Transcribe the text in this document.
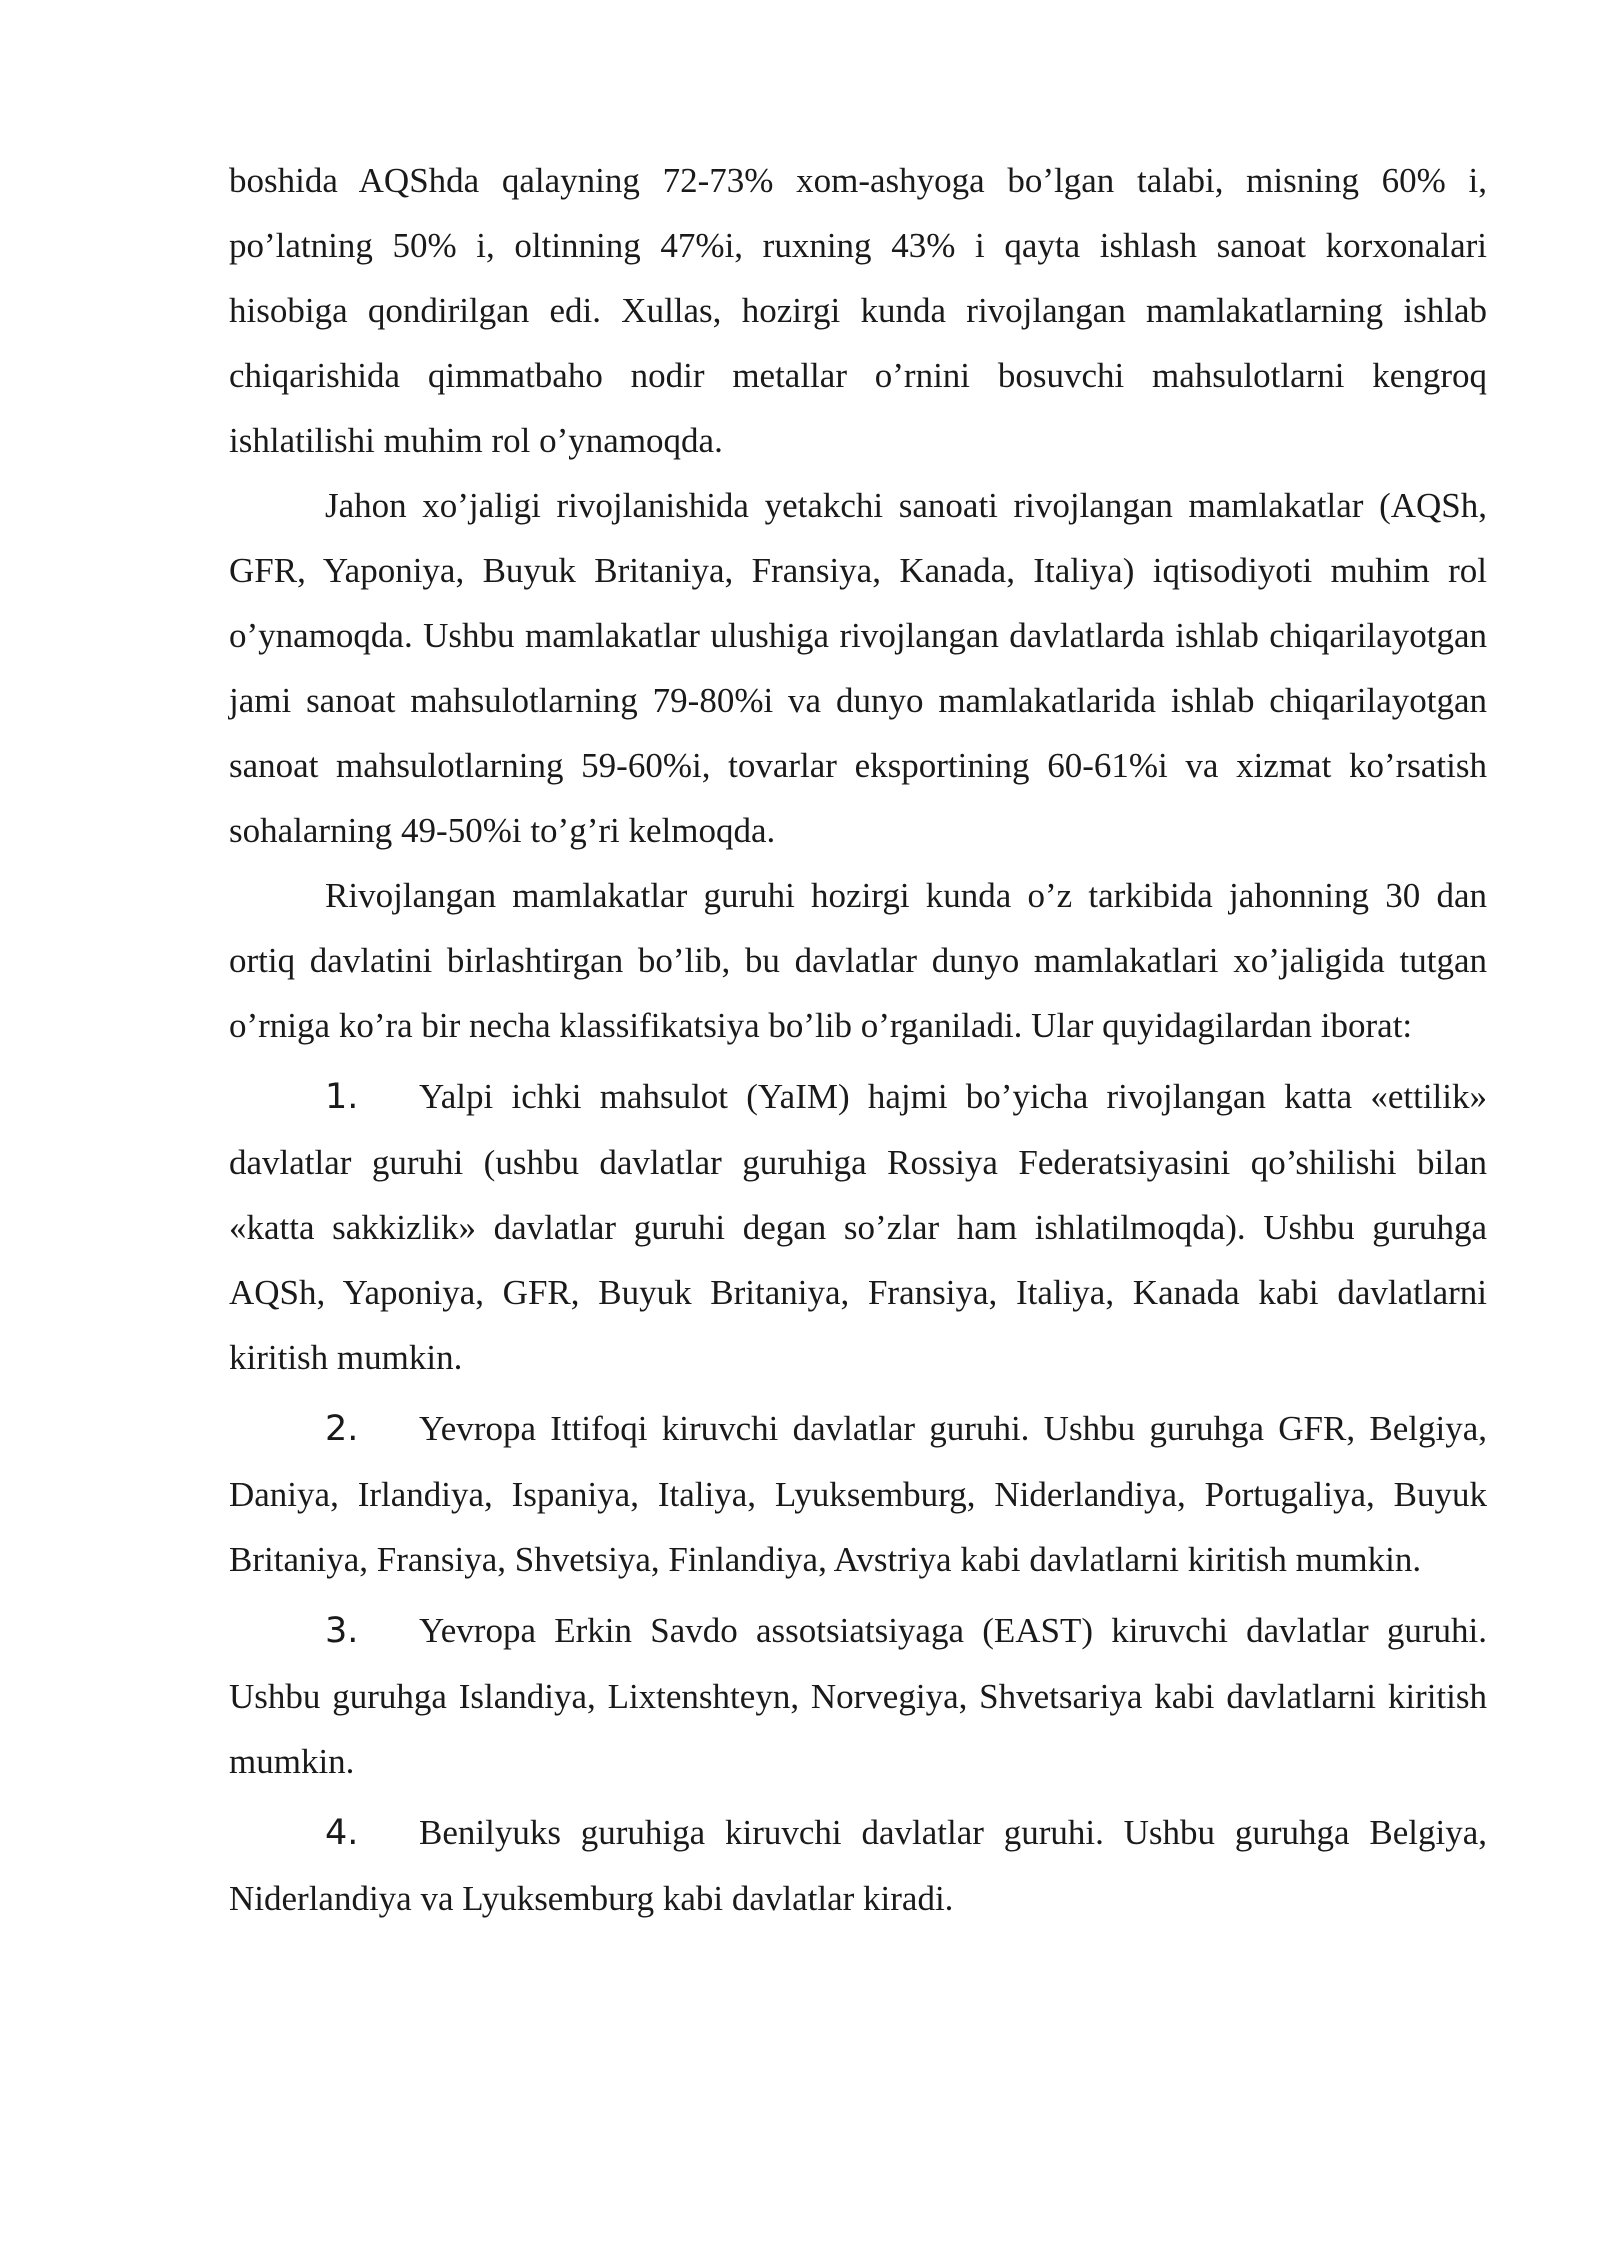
boshida AQShda qalayning 72-73% xom-ashyoga bo’lgan talabi, misning 60% i, po’latning 50% i, oltinning 47%i, ruxning 43% i qayta ishlash sanoat korxonalari hisobiga qondirilgan edi. Xullas, hozirgi kunda rivojlangan mamlakatlarning ishlab chiqarishida qimmatbaho nodir metallar o’rnini bosuvchi mahsulotlarni kengroq ishlatilishi muhim rol o’ynamoqda.

Jahon xo’jaligi rivojlanishida yetakchi sanoati rivojlangan mamlakatlar (AQSh, GFR, Yaponiya, Buyuk Britaniya, Fransiya, Kanada, Italiya) iqtisodiyoti muhim rol o’ynamoqda. Ushbu mamlakatlar ulushiga rivojlangan davlatlarda ishlab chiqarilayotgan jami sanoat mahsulotlarning 79-80%i va dunyo mamlakatlarida ishlab chiqarilayotgan sanoat mahsulotlarning 59-60%i, tovarlar eksportining 60-61%i va xizmat ko’rsatish sohalarning 49-50%i to’g’ri kelmoqda.

Rivojlangan mamlakatlar guruhi hozirgi kunda o’z tarkibida jahonning 30 dan ortiq davlatini birlashtirgan bo’lib, bu davlatlar dunyo mamlakatlari xo’jaligida tutgan o’rniga ko’ra bir necha klassifikatsiya bo’lib o’rganiladi. Ular quyidagilardan iborat:

1. Yalpi ichki mahsulot (YaIM) hajmi bo’yicha rivojlangan katta «ettilik» davlatlar guruhi (ushbu davlatlar guruhiga Rossiya Federatsiyasini qo’shilishi bilan «katta sakkizlik» davlatlar guruhi degan so’zlar ham ishlatilmoqda). Ushbu guruhga AQSh, Yaponiya, GFR, Buyuk Britaniya, Fransiya, Italiya, Kanada kabi davlatlarni kiritish mumkin.

2. Yevropa Ittifoqi kiruvchi davlatlar guruhi. Ushbu guruhga GFR, Belgiya, Daniya, Irlandiya, Ispaniya, Italiya, Lyuksemburg, Niderlandiya, Portugaliya, Buyuk Britaniya, Fransiya, Shvetsiya, Finlandiya, Avstriya kabi davlatlarni kiritish mumkin.

3. Yevropa Erkin Savdo assotsiatsiyaga (EAST) kiruvchi davlatlar guruhi. Ushbu guruhga Islandiya, Lixtenshteyn, Norvegiya, Shvetsariya kabi davlatlarni kiritish mumkin.

4. Benilyuks guruhiga kiruvchi davlatlar guruhi. Ushbu guruhga Belgiya, Niderlandiya va Lyuksemburg kabi davlatlar kiradi.
